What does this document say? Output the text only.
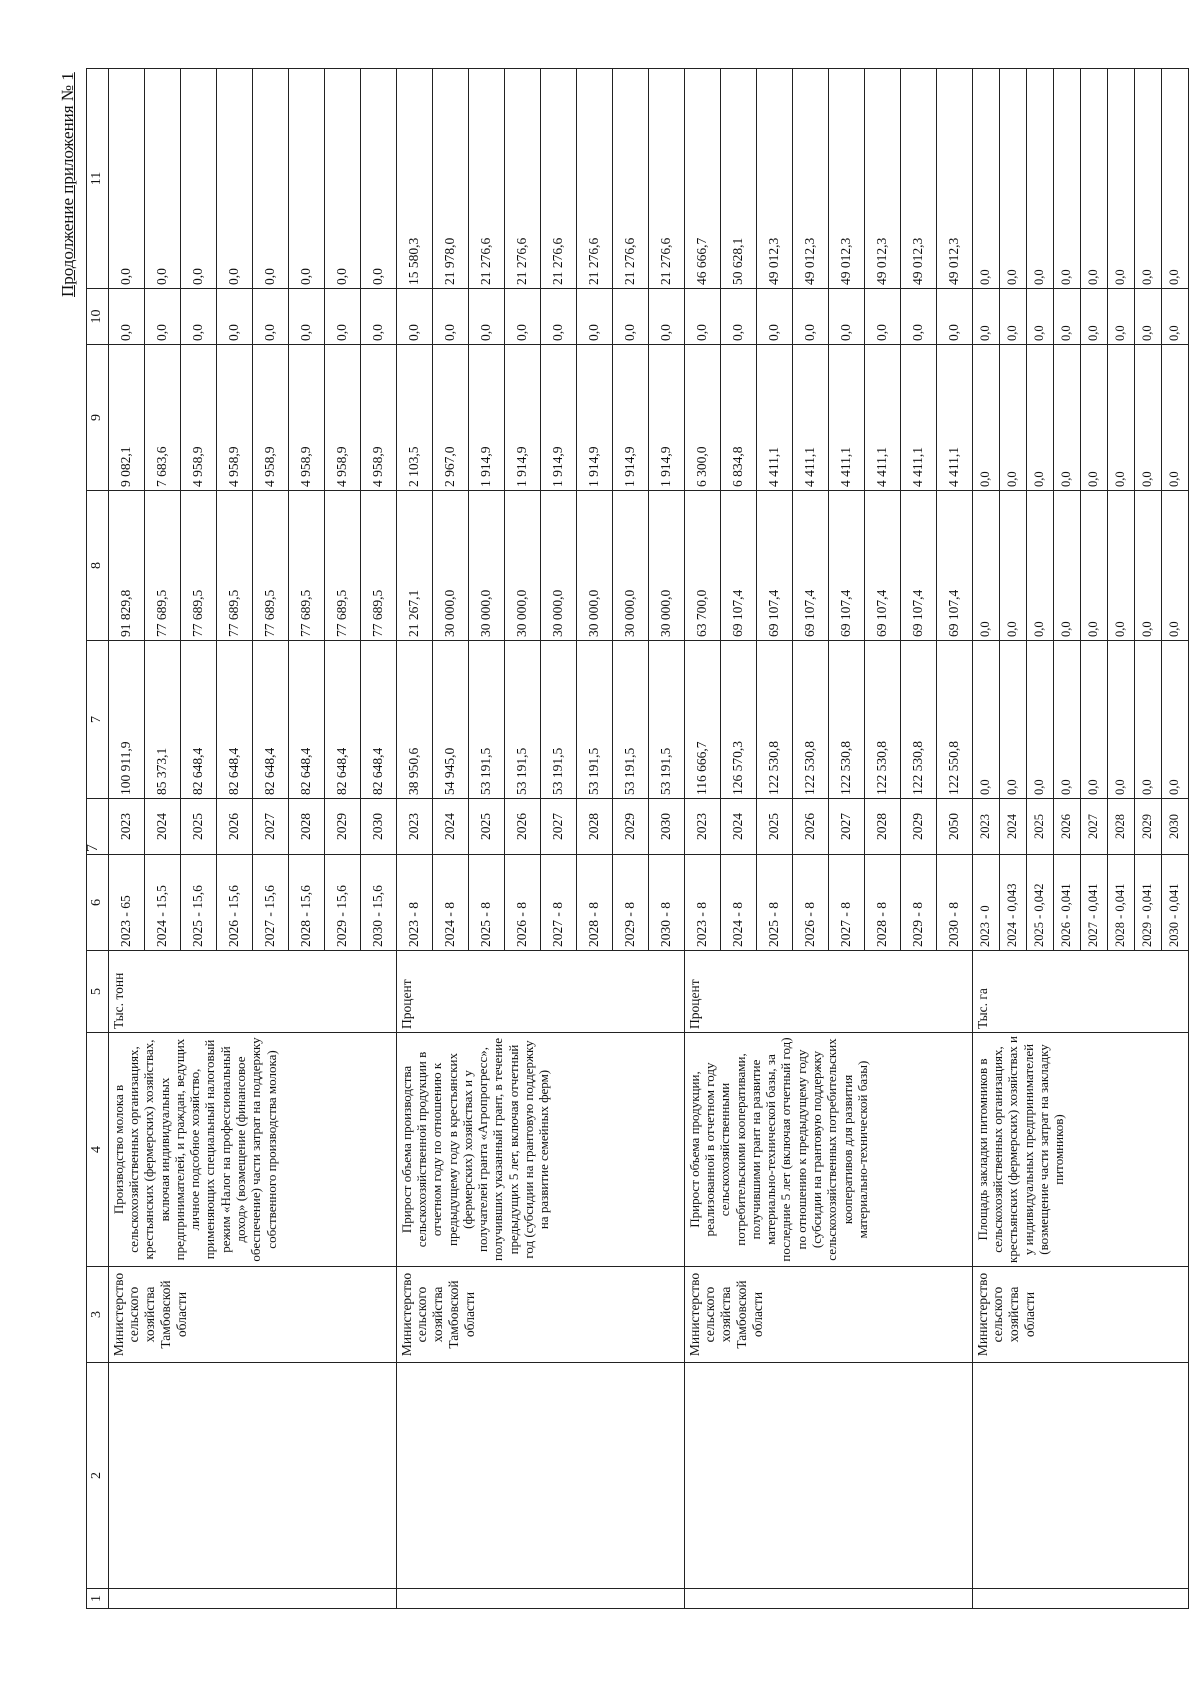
7
Продолжение приложения № 1
1	2	3	4	5	6		7	8	9	10	11
		Министерство сельского хозяйства Тамбовской области	Производство молока в сельскохозяйственных организациях, крестьянских (фермерских) хозяйствах, включая индивидуальных предпринимателей, и граждан, ведущих личное подсобное хозяйство, применяющих специальный налоговый режим «Налог на профессиональный доход» (возмещение (финансовое обеспечение) части затрат на поддержку собственного производства молока)	Тыс. тонн	2023 - 65	2023	100 911,9	91 829,8	9 082,1	0,0	0,0
					2024 - 15,5	2024	85 373,1	77 689,5	7 683,6	0,0	0,0
					2025 - 15,6	2025	82 648,4	77 689,5	4 958,9	0,0	0,0
					2026 - 15,6	2026	82 648,4	77 689,5	4 958,9	0,0	0,0
					2027 - 15,6	2027	82 648,4	77 689,5	4 958,9	0,0	0,0
					2028 - 15,6	2028	82 648,4	77 689,5	4 958,9	0,0	0,0
					2029 - 15,6	2029	82 648,4	77 689,5	4 958,9	0,0	0,0
					2030 - 15,6	2030	82 648,4	77 689,5	4 958,9	0,0	0,0
		Министерство сельского хозяйства Тамбовской области	Прирост объема производства сельскохозяйственной продукции в отчетном году по отношению к предыдущему году в крестьянских (фермерских) хозяйствах и у получателей гранта «Агропрогресс», получивших указанный грант, в течение предыдущих 5 лет, включая отчетный год (субсидии на грантовую поддержку на развитие семейных ферм)	Процент	2023 - 8	2023	38 950,6	21 267,1	2 103,5	0,0	15 580,3
					2024 - 8	2024	54 945,0	30 000,0	2 967,0	0,0	21 978,0
					2025 - 8	2025	53 191,5	30 000,0	1 914,9	0,0	21 276,6
					2026 - 8	2026	53 191,5	30 000,0	1 914,9	0,0	21 276,6
					2027 - 8	2027	53 191,5	30 000,0	1 914,9	0,0	21 276,6
					2028 - 8	2028	53 191,5	30 000,0	1 914,9	0,0	21 276,6
					2029 - 8	2029	53 191,5	30 000,0	1 914,9	0,0	21 276,6
					2030 - 8	2030	53 191,5	30 000,0	1 914,9	0,0	21 276,6
		Министерство сельского хозяйства Тамбовской области	Прирост объема продукции, реализованной в отчетном году сельскохозяйственными потребительскими кооперативами, получившими грант на развитие материально-технической базы, за последние 5 лет (включая отчетный год) по отношению к предыдущему году (субсидии на грантовую поддержку сельскохозяйственных потребительских кооперативов для развития материально-технической базы)	Процент	2023 - 8	2023	116 666,7	63 700,0	6 300,0	0,0	46 666,7
					2024 - 8	2024	126 570,3	69 107,4	6 834,8	0,0	50 628,1
					2025 - 8	2025	122 530,8	69 107,4	4 411,1	0,0	49 012,3
					2026 - 8	2026	122 530,8	69 107,4	4 411,1	0,0	49 012,3
					2027 - 8	2027	122 530,8	69 107,4	4 411,1	0,0	49 012,3
					2028 - 8	2028	122 530,8	69 107,4	4 411,1	0,0	49 012,3
					2029 - 8	2029	122 530,8	69 107,4	4 411,1	0,0	49 012,3
					2030 - 8	2050	122 550,8	69 107,4	4 411,1	0,0	49 012,3
		Министерство сельского хозяйства области	Площадь закладки питомников в сельскохозяйственных организациях, крестьянских (фермерских) хозяйствах и у индивидуальных предпринимателей (возмещение части затрат на закладку питомников)	Тыс. га	2023 - 0	2023	0,0	0,0	0,0	0,0	0,0
					2024 - 0,043	2024	0,0	0,0	0,0	0,0	0,0
					2025 - 0,042	2025	0,0	0,0	0,0	0,0	0,0
					2026 - 0,041	2026	0,0	0,0	0,0	0,0	0,0
					2027 - 0,041	2027	0,0	0,0	0,0	0,0	0,0
					2028 - 0,041	2028	0,0	0,0	0,0	0,0	0,0
					2029 - 0,041	2029	0,0	0,0	0,0	0,0	0,0
					2030 - 0,041	2030	0,0	0,0	0,0	0,0	0,0
